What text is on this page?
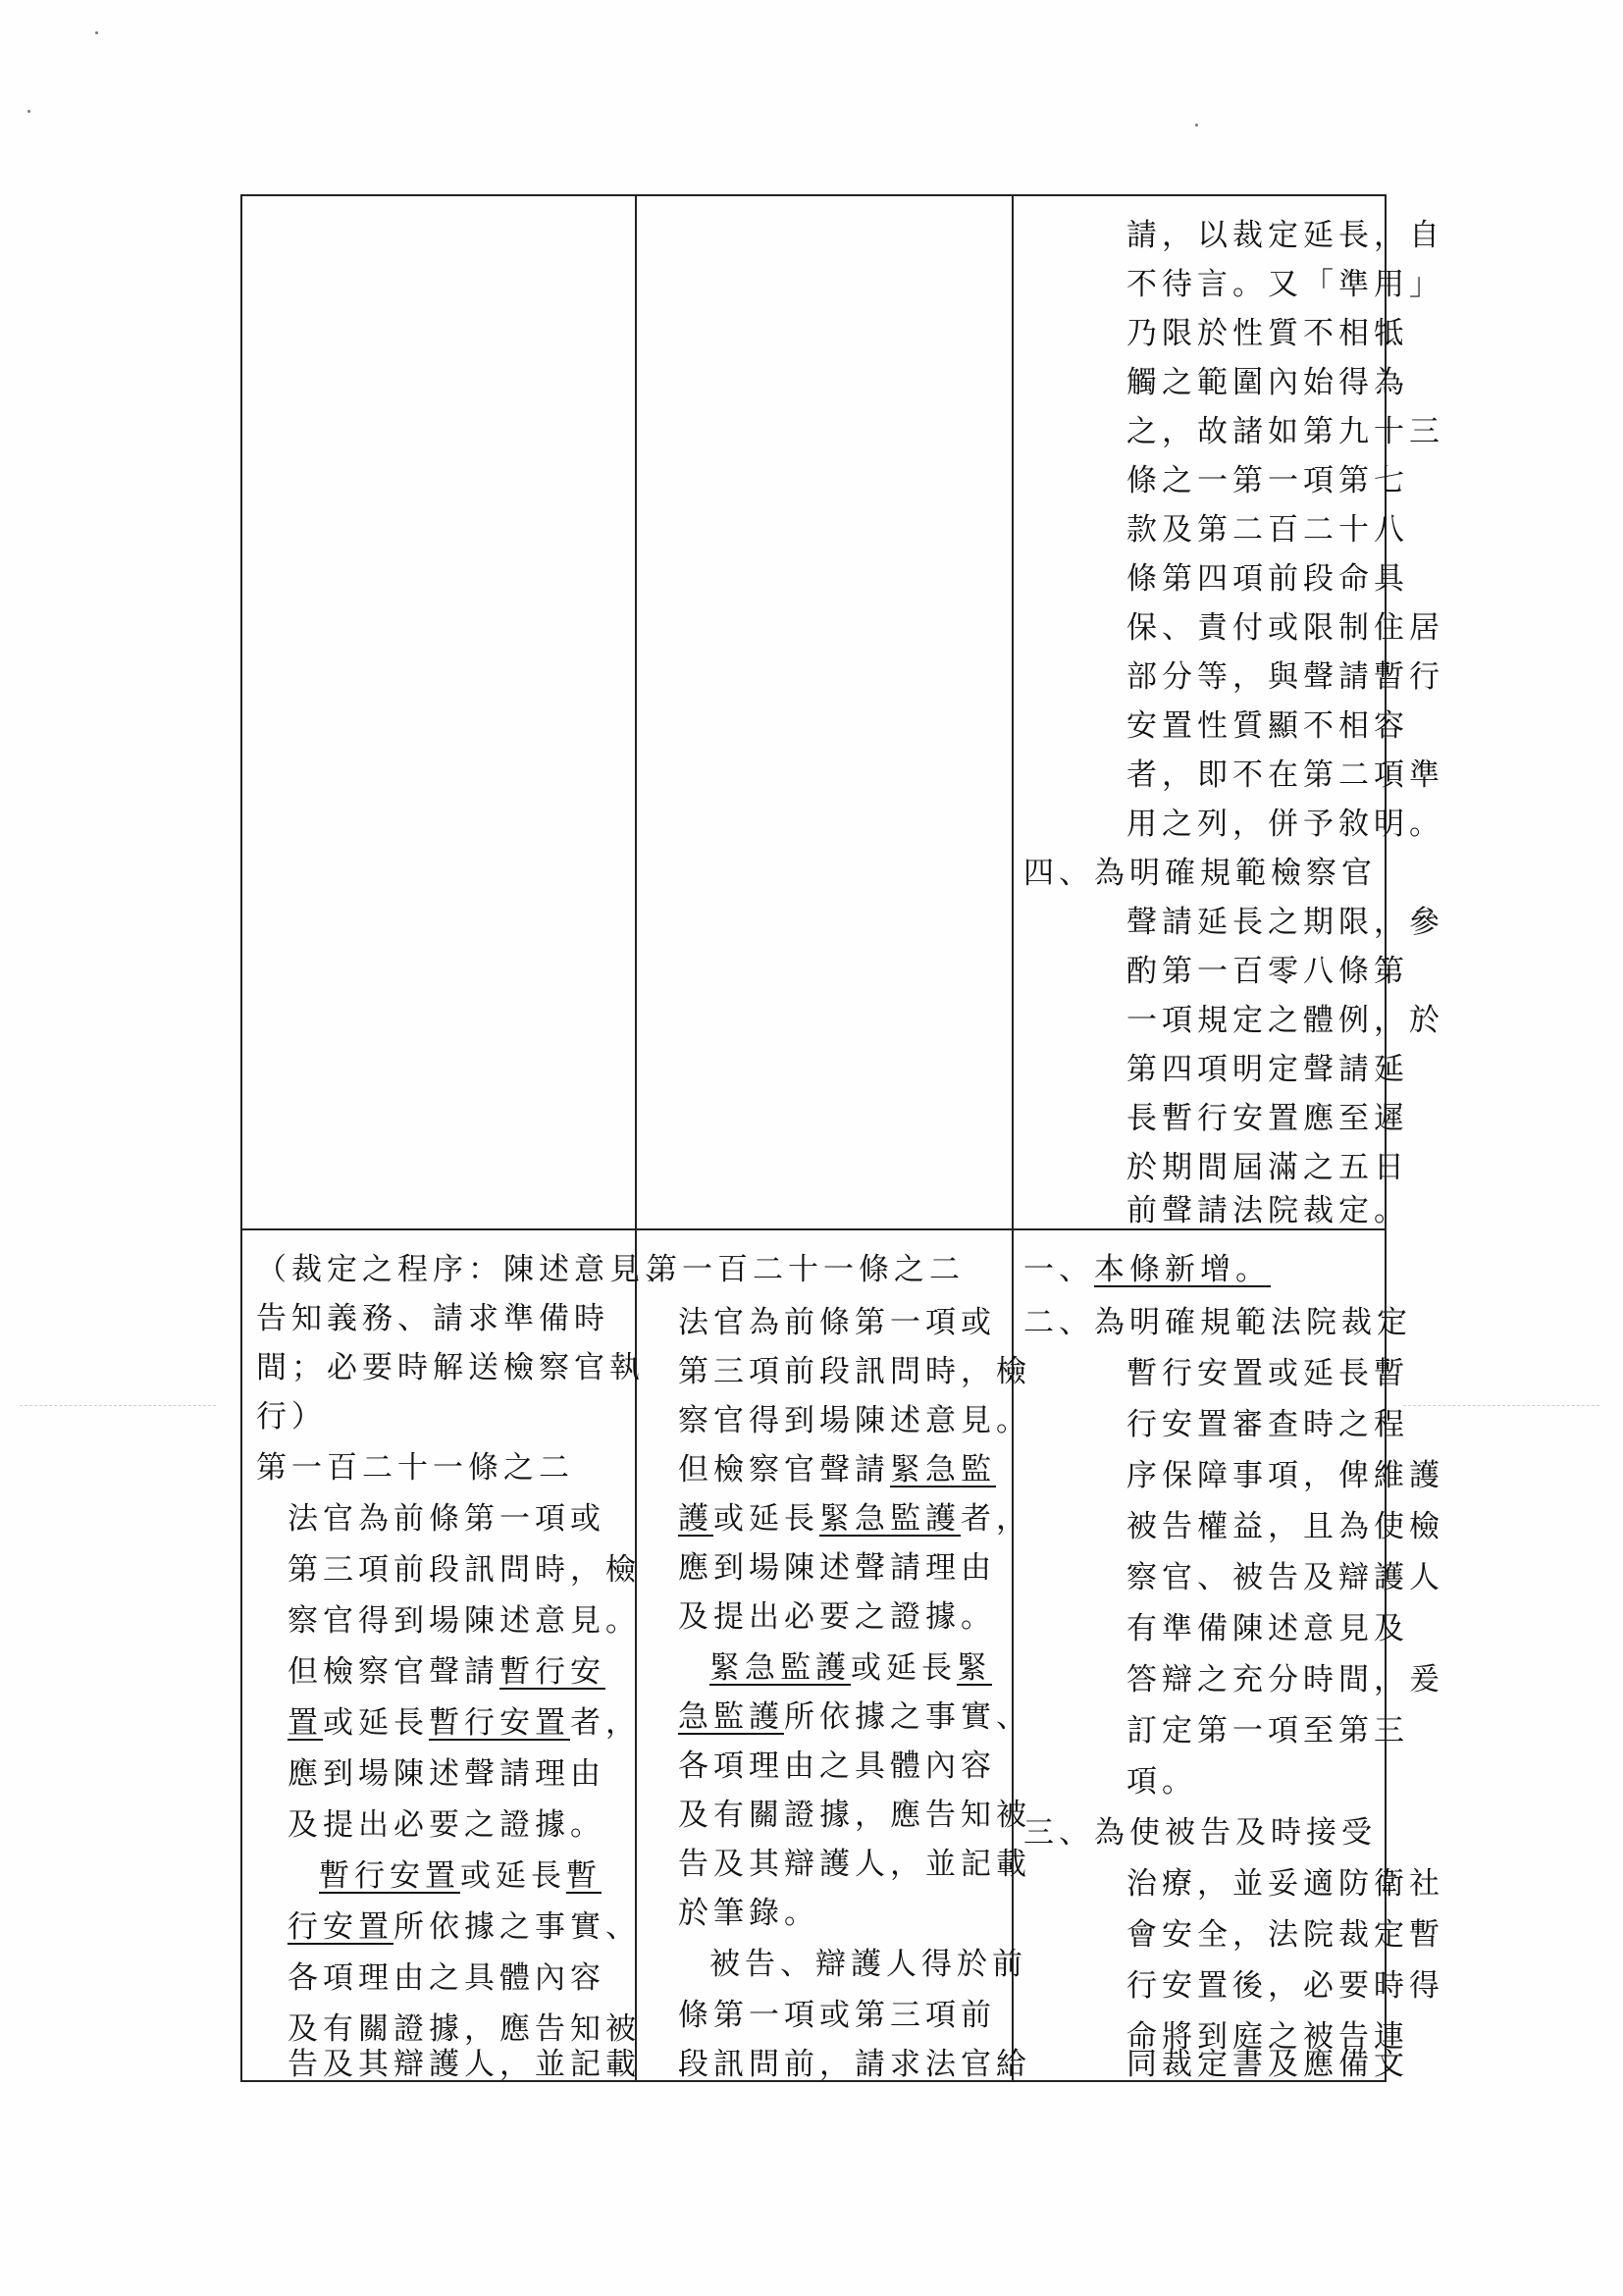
請，以裁定延長，自
不待言。又「準用」
乃限於性質不相牴
觸之範圍內始得為
之，故諸如第九十三
條之一第一項第七
款及第二百二十八
條第四項前段命具
保、責付或限制住居
部分等，與聲請暫行
安置性質顯不相容
者，即不在第二項準
用之列，併予敘明。
四、為明確規範檢察官
聲請延長之期限，參
酌第一百零八條第
一項規定之體例，於
第四項明定聲請延
長暫行安置應至遲
於期間屆滿之五日
前聲請法院裁定。
（裁定之程序：陳述意見、
告知義務、請求準備時
間；必要時解送檢察官執
行）
第一百二十一條之二
法官為前條第一項或
第三項前段訊問時，檢
察官得到場陳述意見。
但檢察官聲請暫行安
置或延長暫行安置者，
應到場陳述聲請理由
及提出必要之證據。
暫行安置或延長暫
行安置所依據之事實、
各項理由之具體內容
及有關證據，應告知被
告及其辯護人，並記載
第一百二十一條之二
法官為前條第一項或
第三項前段訊問時，檢
察官得到場陳述意見。
但檢察官聲請緊急監
護或延長緊急監護者，
應到場陳述聲請理由
及提出必要之證據。
緊急監護或延長緊
急監護所依據之事實、
各項理由之具體內容
及有關證據，應告知被
告及其辯護人，並記載
於筆錄。
被告、辯護人得於前
條第一項或第三項前
段訊問前，請求法官給
一、本條新增。
二、為明確規範法院裁定
暫行安置或延長暫
行安置審查時之程
序保障事項，俾維護
被告權益，且為使檢
察官、被告及辯護人
有準備陳述意見及
答辯之充分時間，爰
訂定第一項至第三
項。
三、為使被告及時接受
治療，並妥適防衛社
會安全，法院裁定暫
行安置後，必要時得
命將到庭之被告連
同裁定書及應備文
